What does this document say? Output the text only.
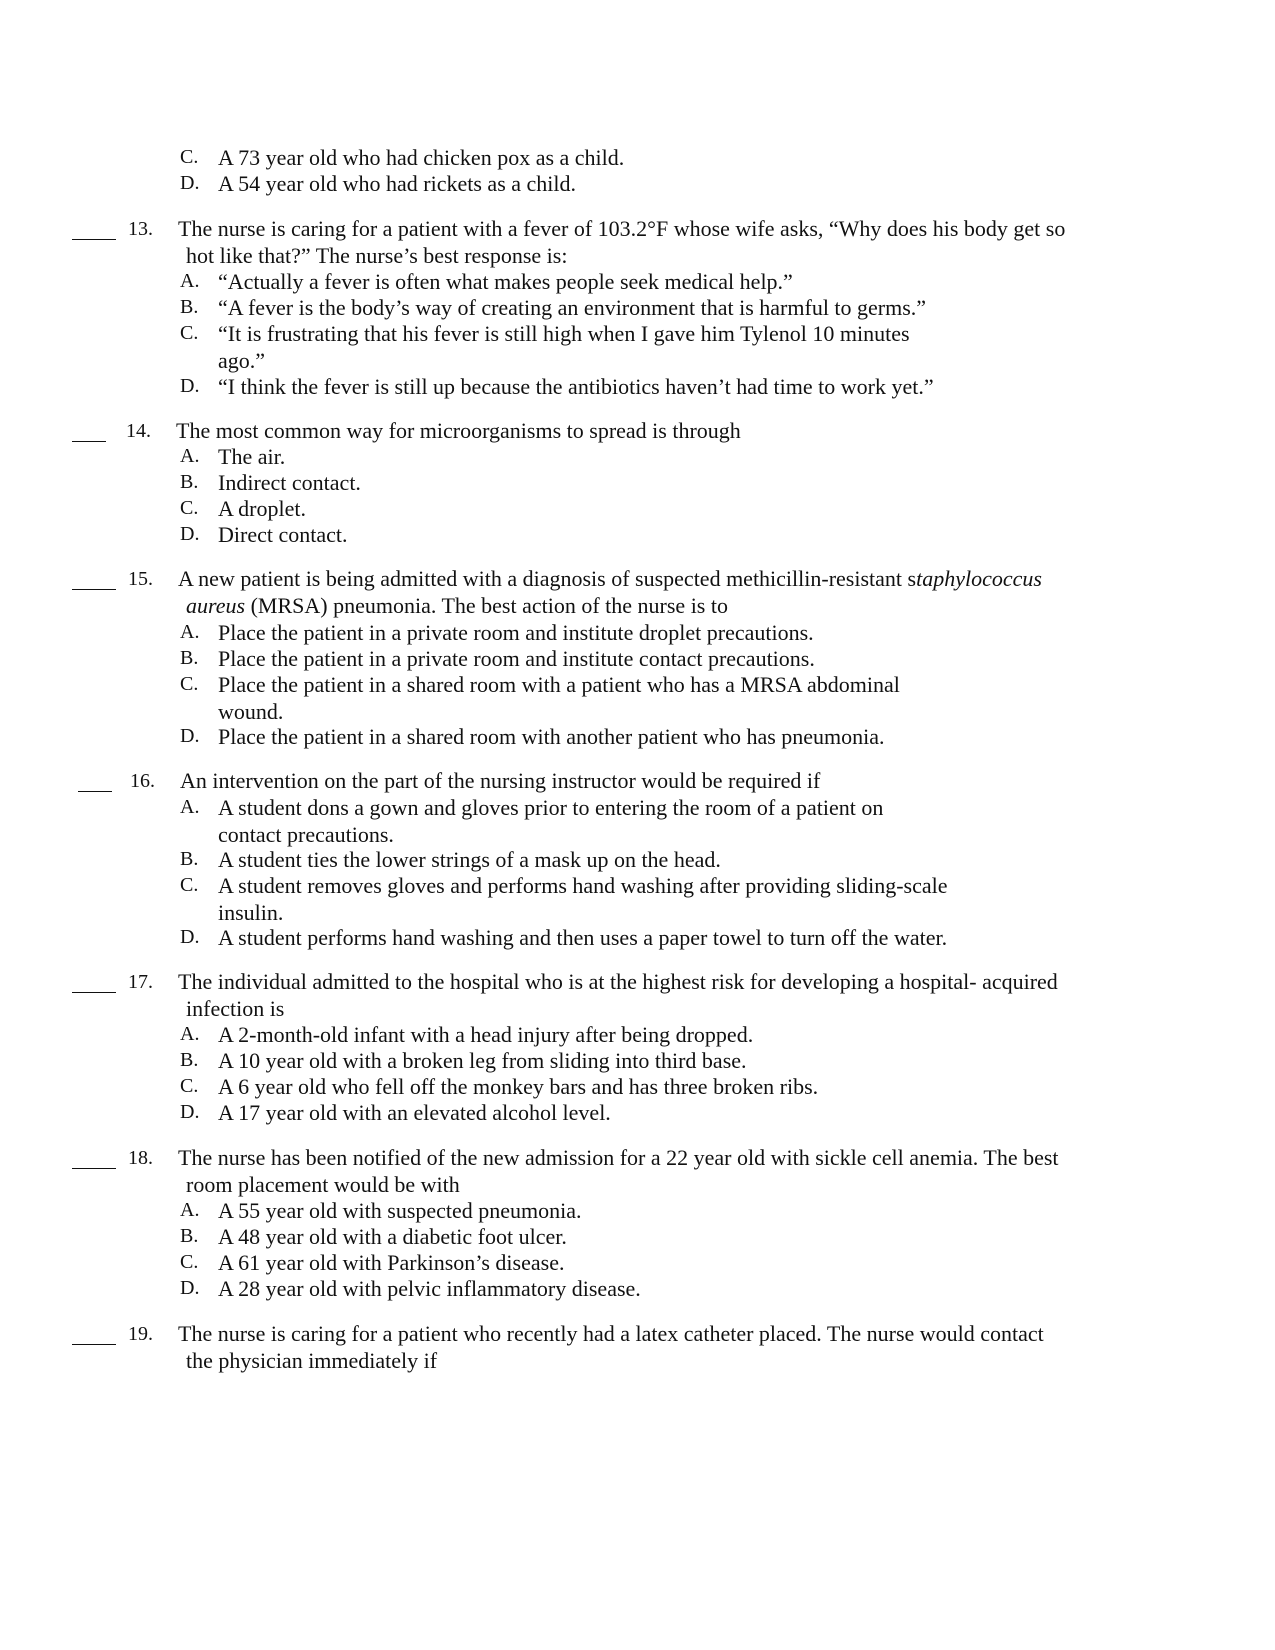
C. A 73 year old who had chicken pox as a child.
D. A 54 year old who had rickets as a child.
13. The nurse is caring for a patient with a fever of 103.2°F whose wife asks, “Why does his body get so
hot like that?” The nurse’s best response is:
A. “Actually a fever is often what makes people seek medical help.”
B. “A fever is the body’s way of creating an environment that is harmful to germs.”
C. “It is frustrating that his fever is still high when I gave him Tylenol 10 minutes
ago.”
D. “I think the fever is still up because the antibiotics haven’t had time to work yet.”
14. The most common way for microorganisms to spread is through
A. The air.
B. Indirect contact.
C. A droplet.
D. Direct contact.
15. A new patient is being admitted with a diagnosis of suspected methicillin-resistant staphylococcus
aureus (MRSA) pneumonia. The best action of the nurse is to
A. Place the patient in a private room and institute droplet precautions.
B. Place the patient in a private room and institute contact precautions.
C. Place the patient in a shared room with a patient who has a MRSA abdominal
wound.
D. Place the patient in a shared room with another patient who has pneumonia.
16. An intervention on the part of the nursing instructor would be required if
A. A student dons a gown and gloves prior to entering the room of a patient on
contact precautions.
B. A student ties the lower strings of a mask up on the head.
C. A student removes gloves and performs hand washing after providing sliding-scale
insulin.
D. A student performs hand washing and then uses a paper towel to turn off the water.
17. The individual admitted to the hospital who is at the highest risk for developing a hospital- acquired
infection is
A. A 2-month-old infant with a head injury after being dropped.
B. A 10 year old with a broken leg from sliding into third base.
C. A 6 year old who fell off the monkey bars and has three broken ribs.
D. A 17 year old with an elevated alcohol level.
18. The nurse has been notified of the new admission for a 22 year old with sickle cell anemia. The best
room placement would be with
A. A 55 year old with suspected pneumonia.
B. A 48 year old with a diabetic foot ulcer.
C. A 61 year old with Parkinson’s disease.
D. A 28 year old with pelvic inflammatory disease.
19. The nurse is caring for a patient who recently had a latex catheter placed. The nurse would contact
the physician immediately if
